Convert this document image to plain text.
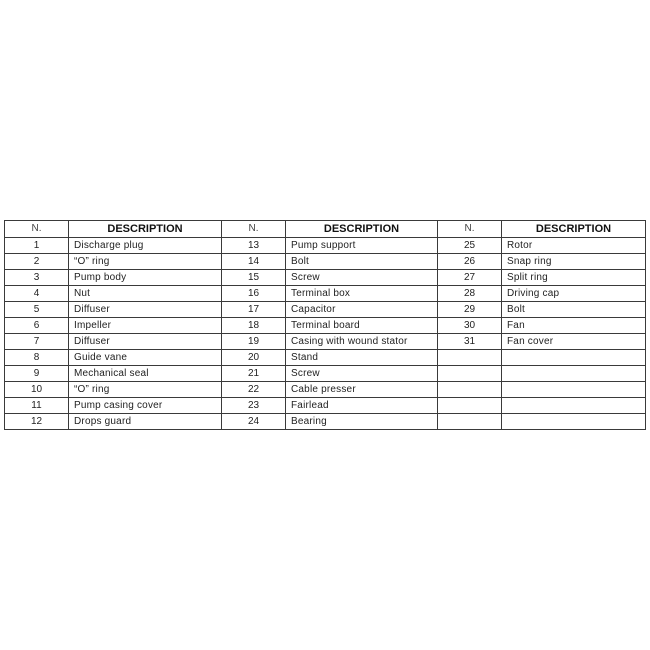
N.	DESCRIPTION	N.	DESCRIPTION	N.	DESCRIPTION
1	Discharge plug	13	Pump support	25	Rotor
2	“O” ring	14	Bolt	26	Snap ring
3	Pump body	15	Screw	27	Split ring
4	Nut	16	Terminal box	28	Driving cap
5	Diffuser	17	Capacitor	29	Bolt
6	Impeller	18	Terminal board	30	Fan
7	Diffuser	19	Casing with wound stator	31	Fan cover
8	Guide vane	20	Stand		
9	Mechanical seal	21	Screw		
10	“O” ring	22	Cable presser		
11	Pump casing cover	23	Fairlead		
12	Drops guard	24	Bearing		
